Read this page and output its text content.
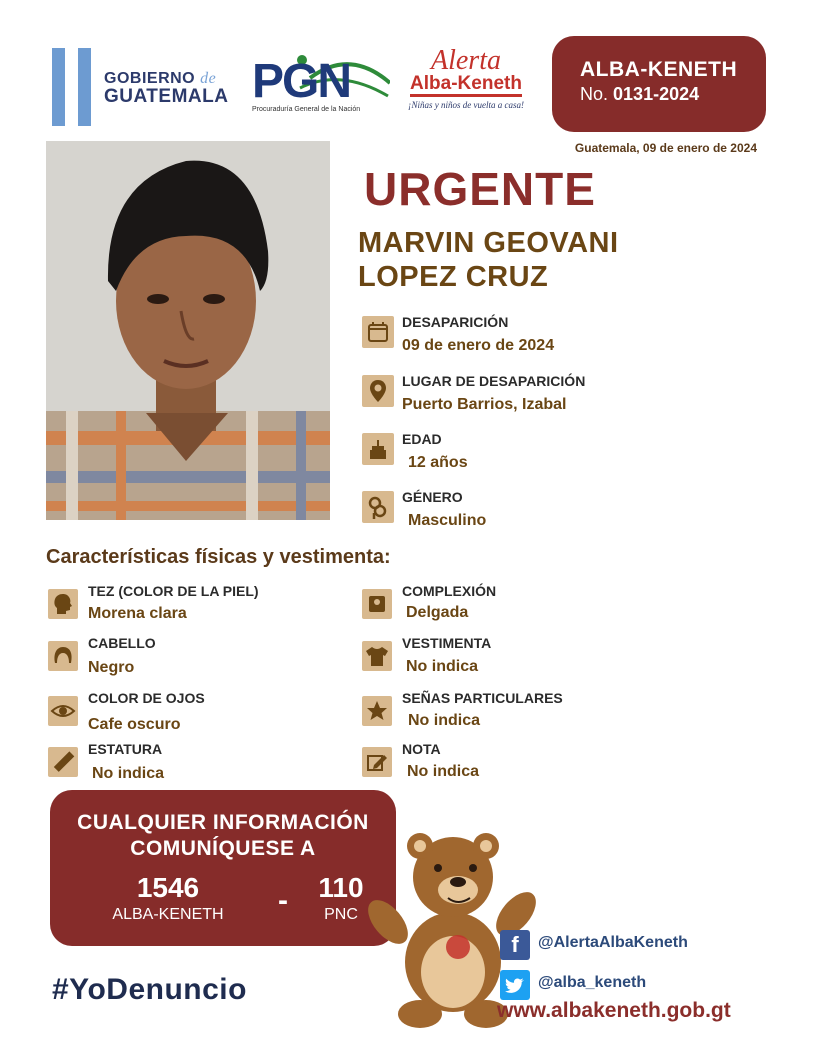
GOBIERNO de
GUATEMALA PGN
Procuraduría General de la Nación
Alerta
Alba-Keneth
¡Niñas y niños de vuelta a casa!
ALBA-KENETH
No. 0131-2024
Guatemala, 09 de enero de 2024
URGENTE
MARVIN GEOVANI
LOPEZ CRUZ
DESAPARICIÓN
09 de enero de 2024
LUGAR DE DESAPARICIÓN
Puerto Barrios, Izabal
EDAD
12 años
GÉNERO
Masculino
Características físicas y vestimenta:
TEZ (COLOR DE LA PIEL)
Morena clara
CABELLO
Negro
COLOR DE OJOS
Cafe oscuro
ESTATURA
No indica
COMPLEXIÓN
Delgada
VESTIMENTA
No indica
SEÑAS PARTICULARES
No indica
NOTA
No indica
CUALQUIER INFORMACIÓN
COMUNÍQUESE A
1546
ALBA-KENETH	-	110
PNC
#YoDenuncio
f	@AlertaAlbaKeneth
@alba_keneth
www.albakeneth.gob.gt
